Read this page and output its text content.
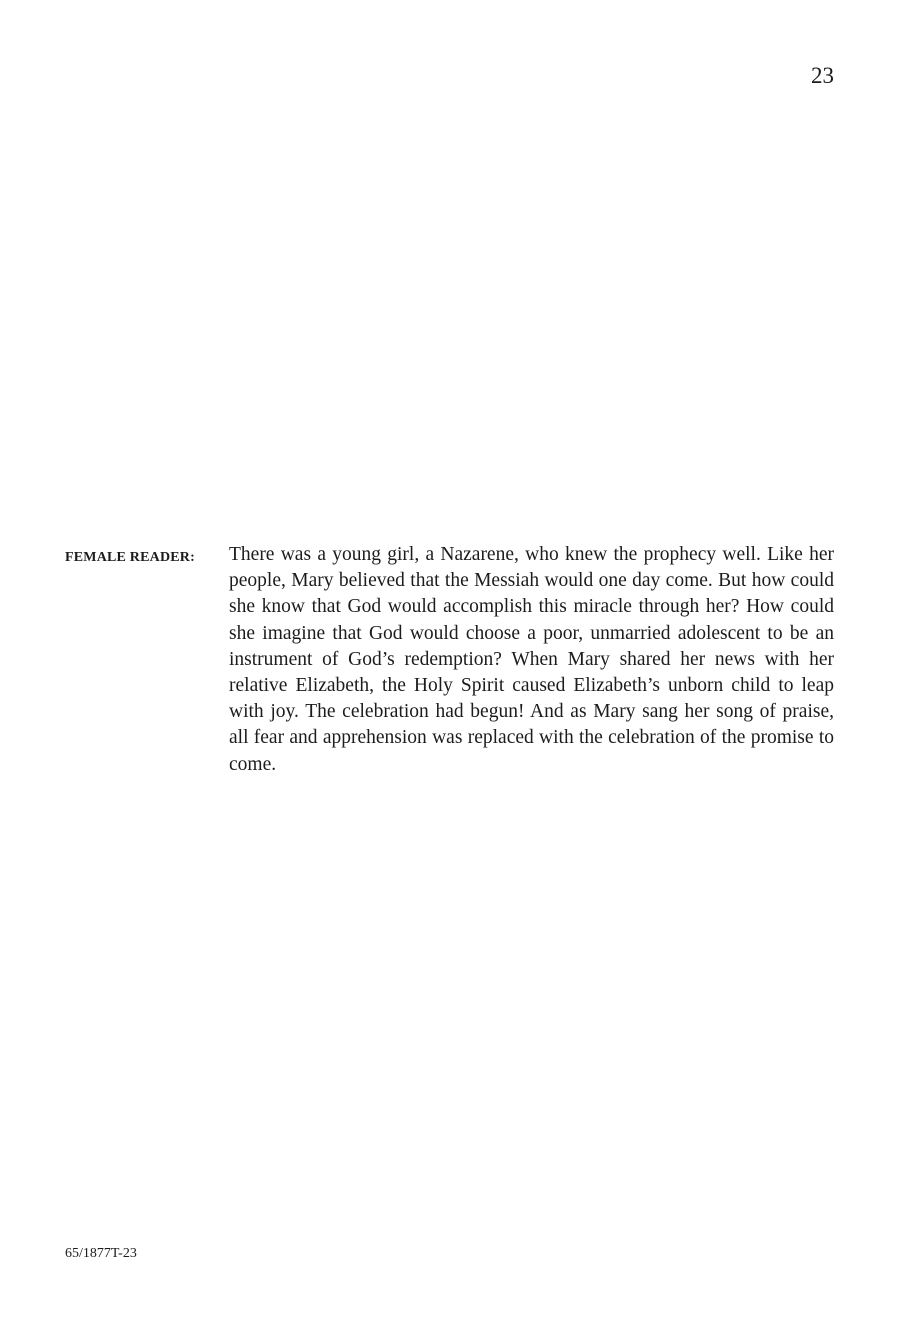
23
FEMALE READER: There was a young girl, a Nazarene, who knew the prophecy well. Like her people, Mary believed that the Messiah would one day come. But how could she know that God would accomplish this miracle through her? How could she imagine that God would choose a poor, unmarried adolescent to be an instrument of God’s redemption? When Mary shared her news with her relative Elizabeth, the Holy Spirit caused Elizabeth’s unborn child to leap with joy. The celebration had begun! And as Mary sang her song of praise, all fear and apprehension was replaced with the celebration of the promise to come.

65/1877T-23
